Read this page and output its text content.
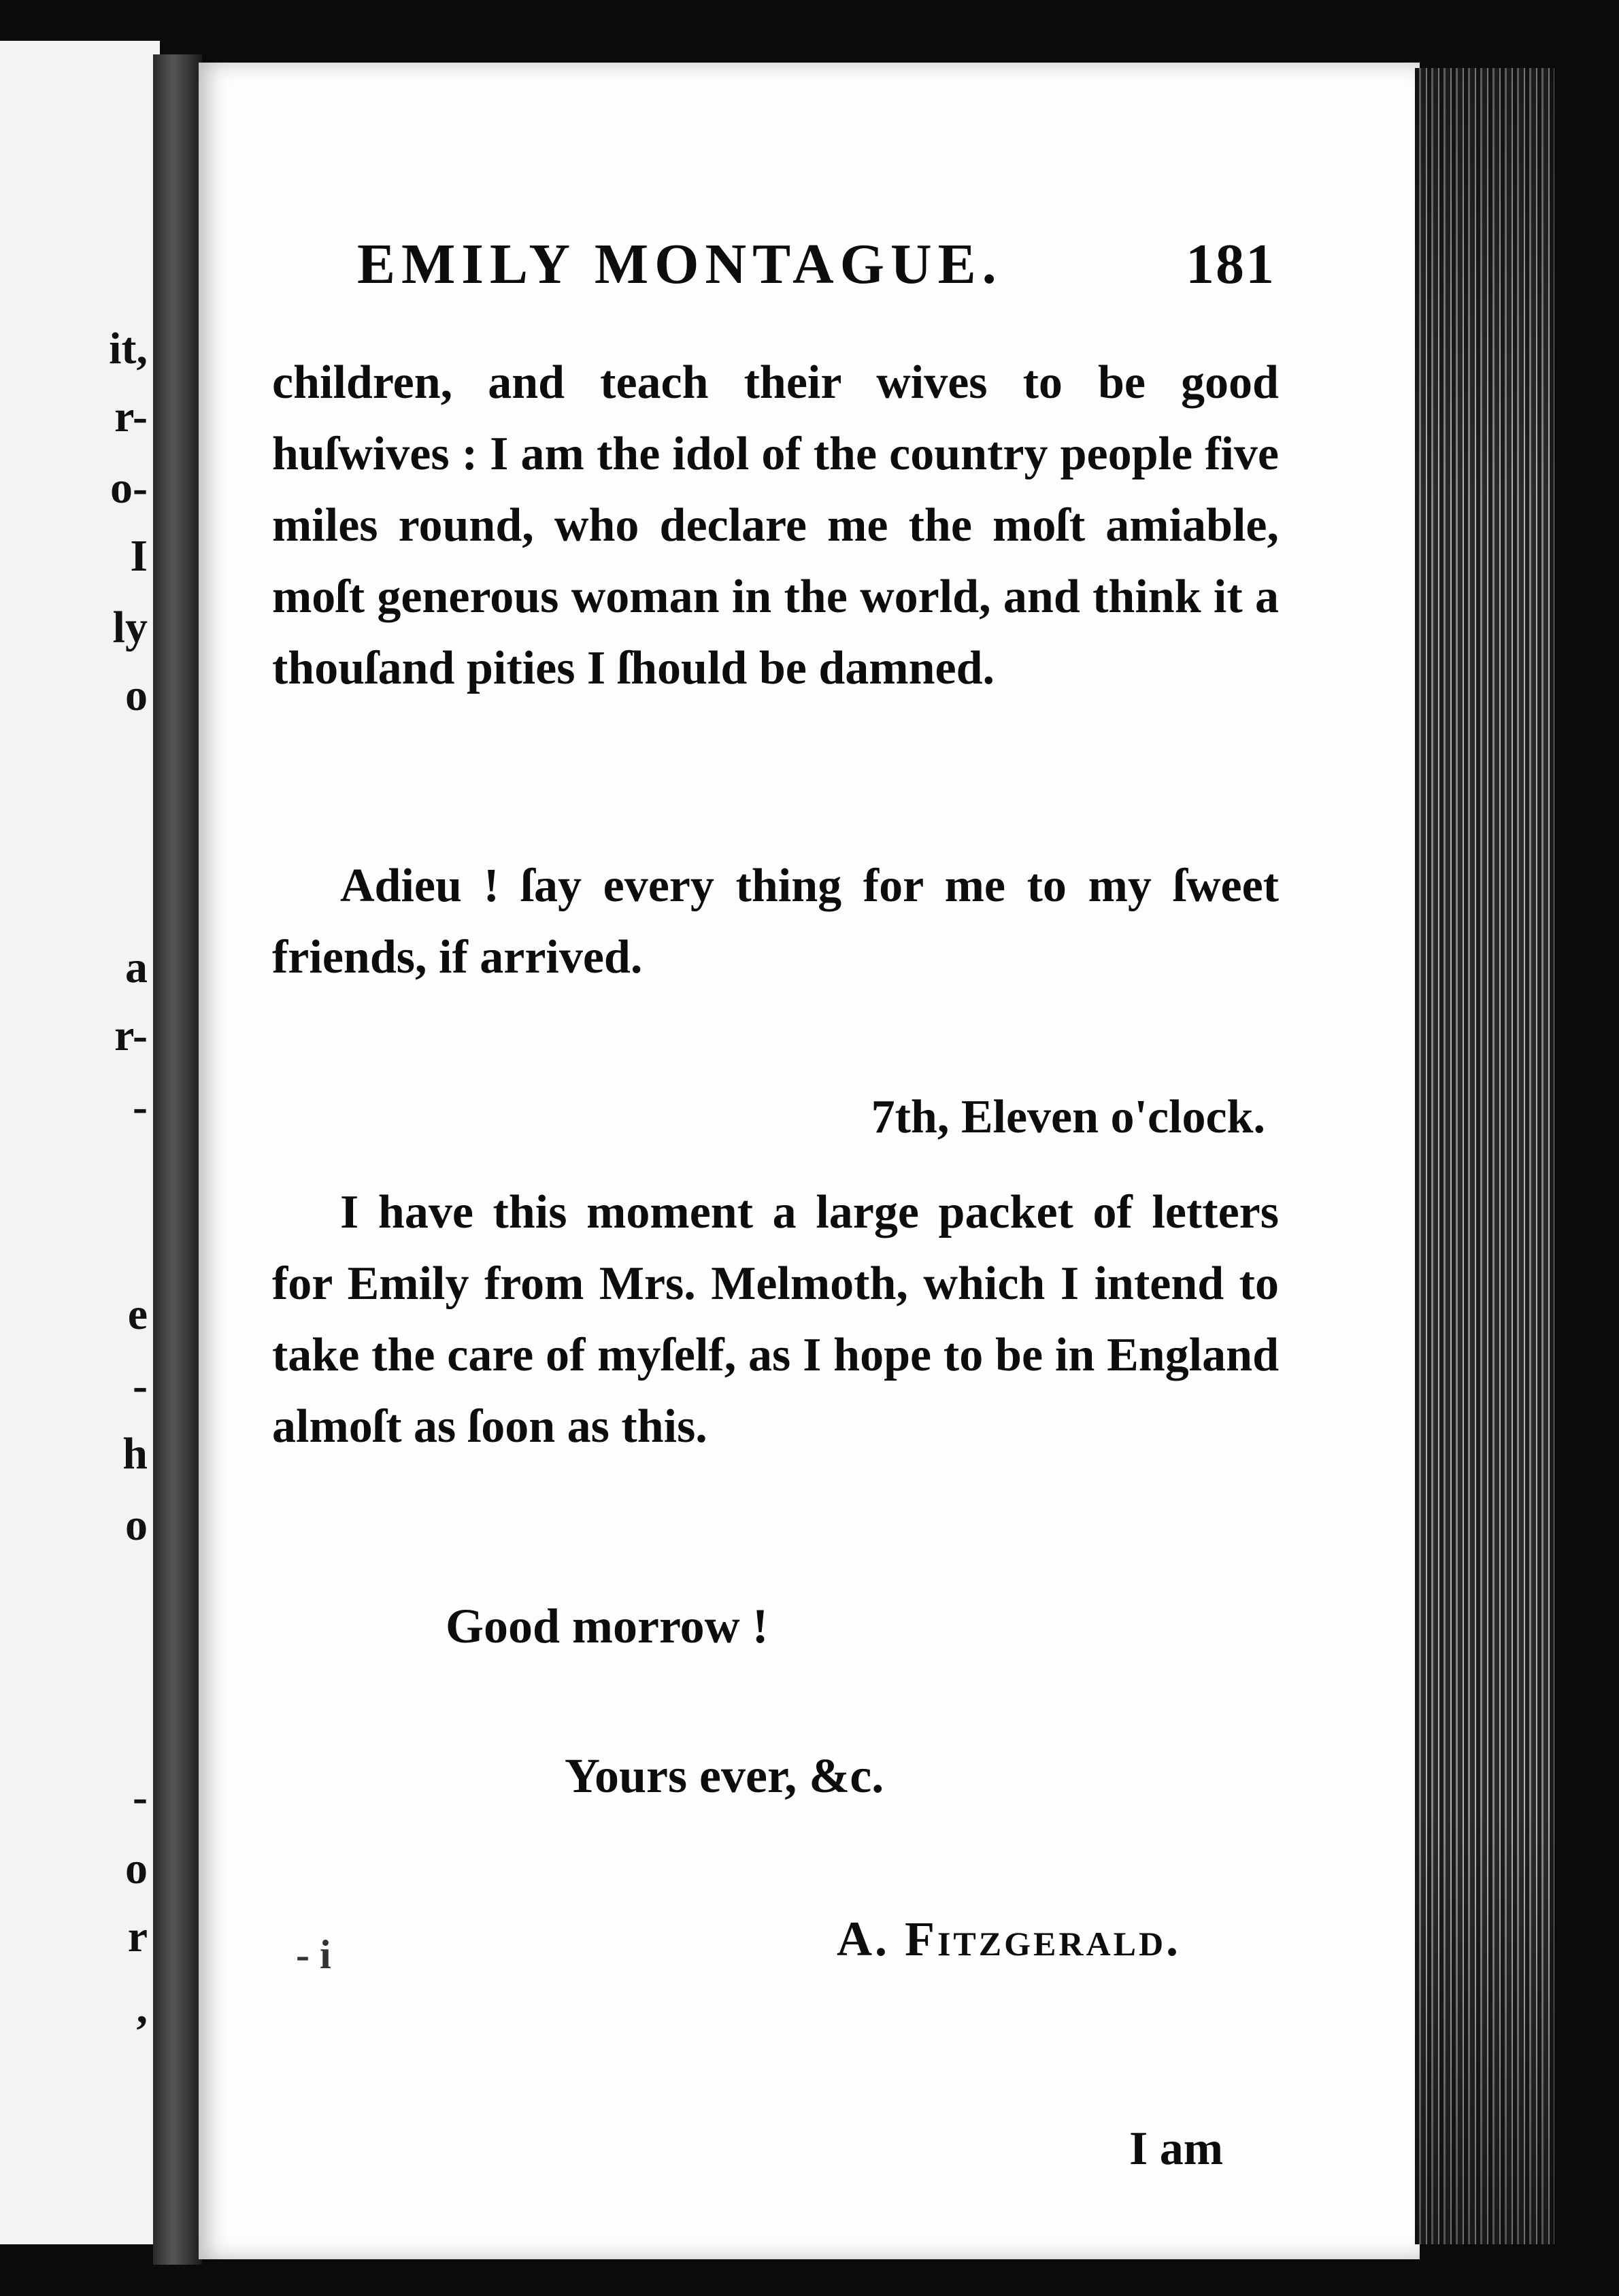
it,
r-
o-
I
ly
o
a
r-
-
e
-
h
o
-
o
r
,
EMILY MONTAGUE.	181

children, and teach their wives to be good huſwives : I am the idol of the country people five miles round, who declare me the moſt amiable, moſt generous woman in the world, and think it a thouſand pities I ſhould be damned.

Adieu ! ſay every thing for me to my ſweet friends, if arrived.

7th, Eleven o'clock.

I have this moment a large packet of letters for Emily from Mrs. Melmoth, which I intend to take the care of myſelf, as I hope to be in England almoſt as ſoon as this.

Good morrow !
Yours ever, &c.
- i	A. Fitzgerald.
I am
